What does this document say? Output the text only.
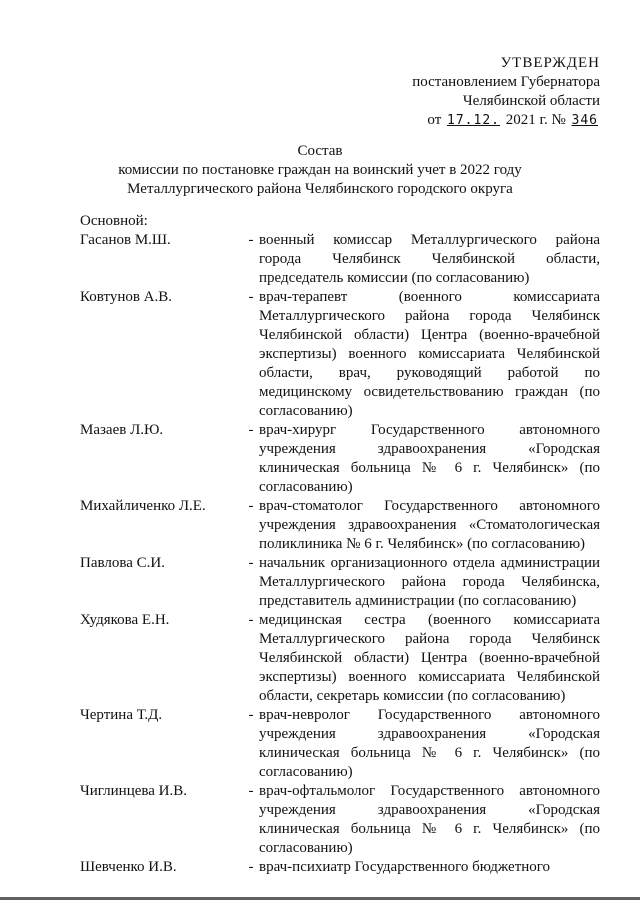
УТВЕРЖДЕН
постановлением Губернатора
Челябинской области
от 17.12. 2021 г. № 346
Состав
комиссии по постановке граждан на воинский учет в 2022 году
Металлургического района Челябинского городского округа
Основной:
Гасанов М.Ш.	- военный комиссар Металлургического района города Челябинск Челябинской области, председатель комиссии (по согласованию)
Ковтунов А.В.	- врач-терапевт (военного комиссариата Металлургического района города Челябинск Челябинской области) Центра (военно-врачебной экспертизы) военного комиссариата Челябинской области, врач, руководящий работой по медицинскому освидетельствованию граждан (по согласованию)
Мазаев Л.Ю.	- врач-хирург Государственного автономного учреждения здравоохранения «Городская клиническая больница № 6 г. Челябинск» (по согласованию)
Михайличенко Л.Е.	- врач-стоматолог Государственного автономного учреждения здравоохранения «Стоматологическая поликлиника № 6 г. Челябинск» (по согласованию)
Павлова С.И.	- начальник организационного отдела администрации Металлургического района города Челябинска, представитель администрации (по согласованию)
Худякова Е.Н.	- медицинская сестра (военного комиссариата Металлургического района города Челябинск Челябинской области) Центра (военно-врачебной экспертизы) военного комиссариата Челябинской области, секретарь комиссии (по согласованию)
Чертина Т.Д.	- врач-невролог Государственного автономного учреждения здравоохранения «Городская клиническая больница № 6 г. Челябинск» (по согласованию)
Чиглинцева И.В.	- врач-офтальмолог Государственного автономного учреждения здравоохранения «Городская клиническая больница № 6 г. Челябинск» (по согласованию)
Шевченко И.В.	- врач-психиатр Государственного бюджетного
